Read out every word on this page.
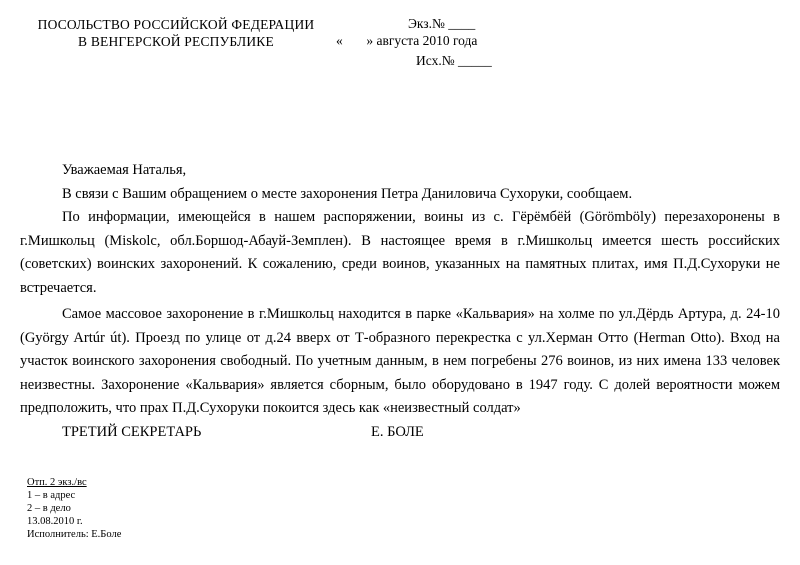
ПОСОЛЬСТВО РОССИЙСКОЙ ФЕДЕРАЦИИ
В ВЕНГЕРСКОЙ РЕСПУБЛИКЕ
Экз.№ ____
«       » августа 2010 года
Исх.№ _____

Уважаемая Наталья,

В связи с Вашим обращением о месте захоронения Петра Даниловича Сухоруки, сообщаем.

По информации, имеющейся в нашем распоряжении, воины из с. Гёрёмбёй (Görömböly) перезахоронены в г.Мишкольц (Miskolc, обл.Боршод-Абауй-Земплен). В настоящее время в г.Мишкольц имеется шесть российских (советских) воинских захоронений. К сожалению, среди воинов, указанных на памятных плитах, имя П.Д.Сухоруки не встречается.

Самое массовое захоронение в г.Мишкольц находится в парке «Кальвария» на холме по ул.Дёрдь Артура, д. 24-10 (György Artúr út). Проезд по улице от д.24 вверх от Т-образного перекрестка с ул.Херман Отто (Herman Otto). Вход на участок воинского захоронения свободный. По учетным данным, в нем погребены 276 воинов, из них имена 133 человек неизвестны. Захоронение «Кальвария» является сборным, было оборудовано в 1947 году. С долей вероятности можем предположить, что прах П.Д.Сухоруки покоится здесь как «неизвестный солдат»

ТРЕТИЙ СЕКРЕТАРЬ	Е. БОЛЕ
Отп. 2 экз./вс
1 – в адрес
2 – в дело
13.08.2010 г.
Исполнитель: Е.Боле
